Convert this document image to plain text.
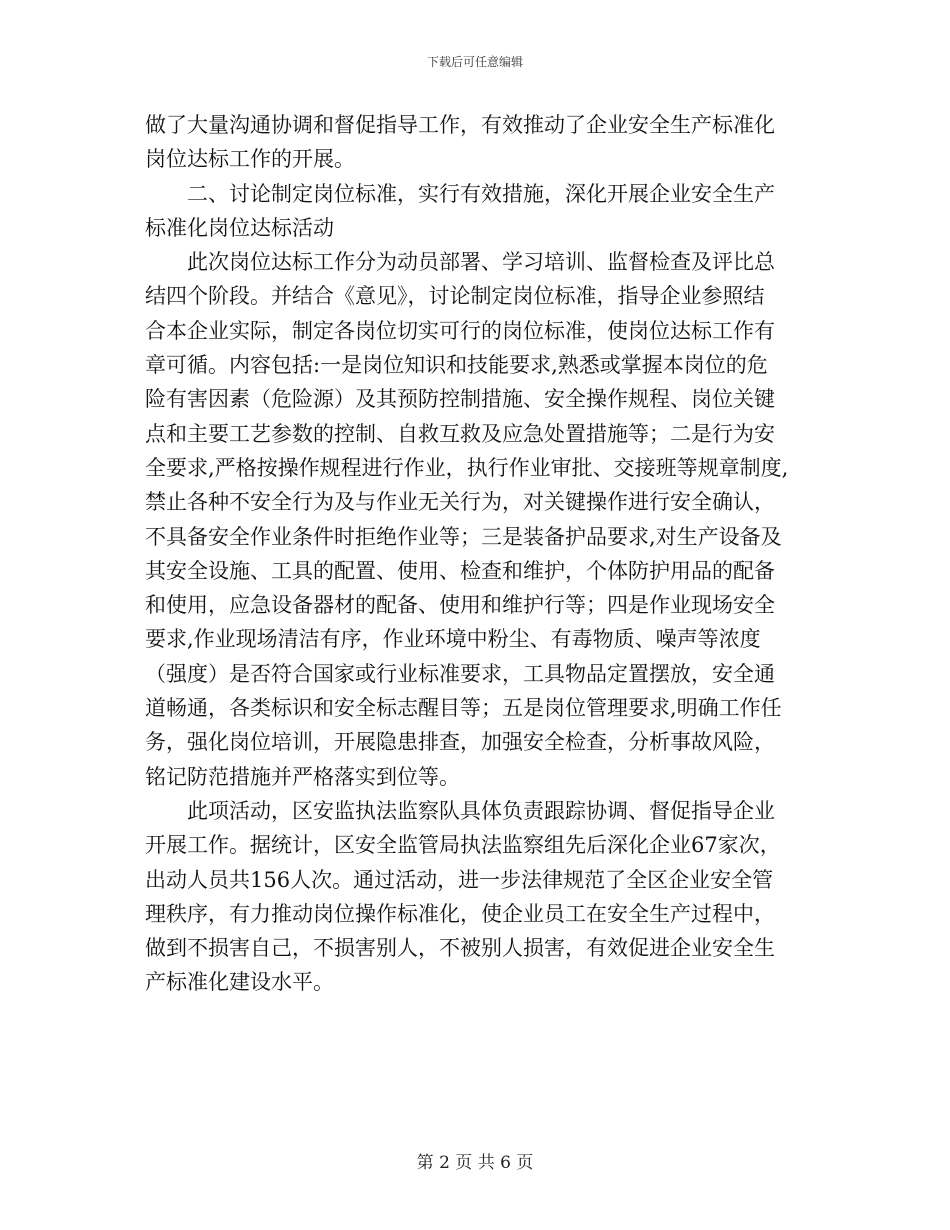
下载后可任意编辑
做了大量沟通协调和督促指导工作，有效推动了企业安全生产标准化
岗位达标工作的开展。
二、讨论制定岗位标准，实行有效措施，深化开展企业安全生产
标准化岗位达标活动
此次岗位达标工作分为动员部署、学习培训、监督检查及评比总
结四个阶段。并结合《意见》，讨论制定岗位标准，指导企业参照结
合本企业实际，制定各岗位切实可行的岗位标准，使岗位达标工作有
章可循。内容包括:一是岗位知识和技能要求,熟悉或掌握本岗位的危
险有害因素（危险源）及其预防控制措施、安全操作规程、岗位关键
点和主要工艺参数的控制、自救互救及应急处置措施等；二是行为安
全要求,严格按操作规程进行作业，执行作业审批、交接班等规章制度,
禁止各种不安全行为及与作业无关行为，对关键操作进行安全确认，
不具备安全作业条件时拒绝作业等；三是装备护品要求,对生产设备及
其安全设施、工具的配置、使用、检查和维护，个体防护用品的配备
和使用，应急设备器材的配备、使用和维护行等；四是作业现场安全
要求,作业现场清洁有序，作业环境中粉尘、有毒物质、噪声等浓度
（强度）是否符合国家或行业标准要求，工具物品定置摆放，安全通
道畅通，各类标识和安全标志醒目等；五是岗位管理要求,明确工作任
务，强化岗位培训，开展隐患排查，加强安全检查，分析事故风险，
铭记防范措施并严格落实到位等。
此项活动，区安监执法监察队具体负责跟踪协调、督促指导企业
开展工作。据统计，区安全监管局执法监察组先后深化企业67家次，
出动人员共156人次。通过活动，进一步法律规范了全区企业安全管
理秩序，有力推动岗位操作标准化，使企业员工在安全生产过程中，
做到不损害自己，不损害别人，不被别人损害，有效促进企业安全生
产标准化建设水平。
第 2 页 共 6 页
